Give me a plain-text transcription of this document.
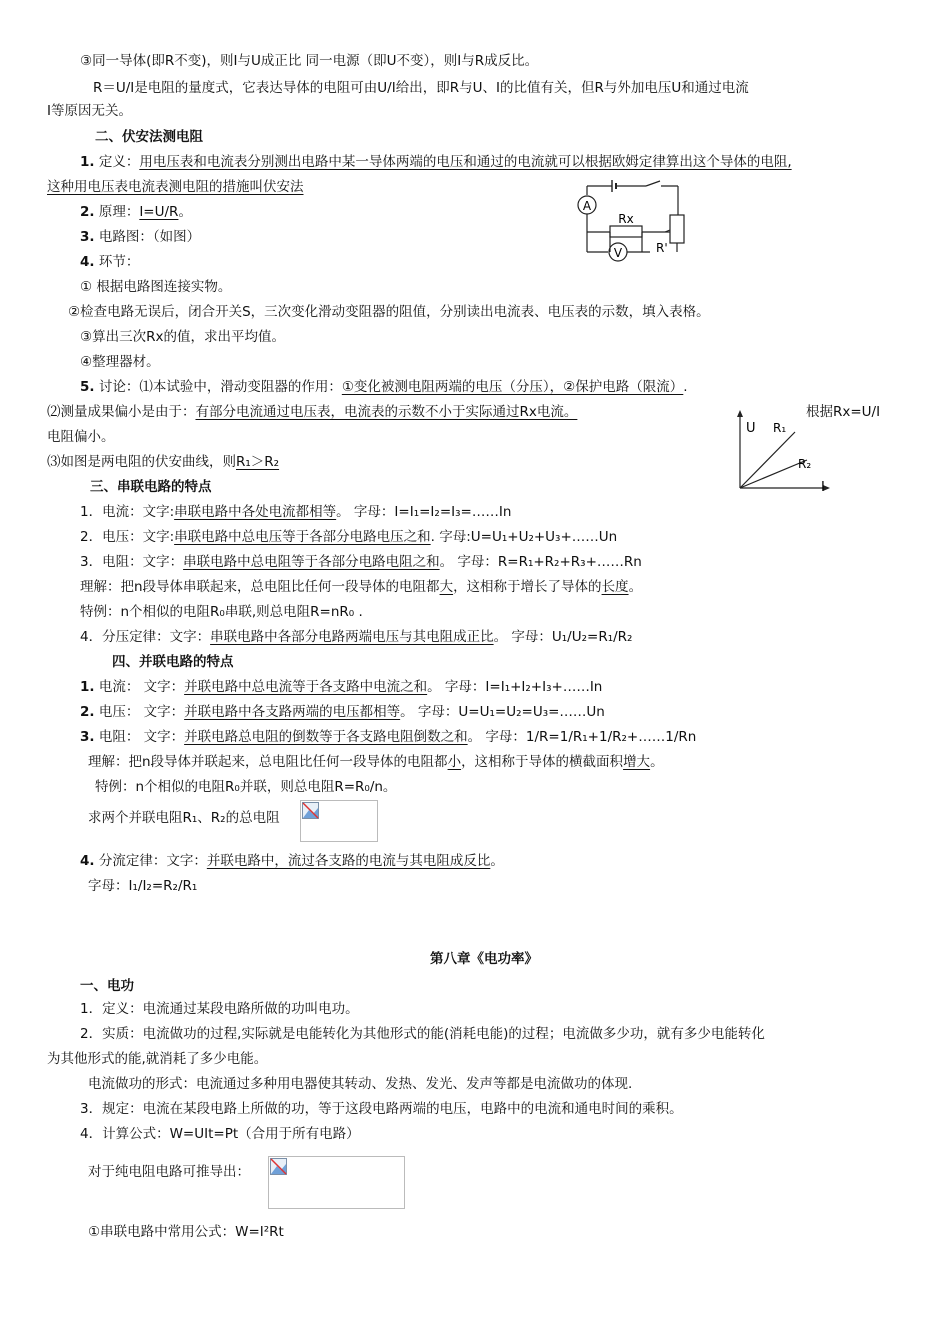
③同一导体(即R不变)，则I与U成正比 同一电源（即U不变），则I与R成反比。
R＝U/I是电阻的量度式，它表达导体的电阻可由U/I给出，即R与U、I的比值有关，但R与外加电压U和通过电流
I等原因无关。
二、伏安法测电阻
1. 定义：用电压表和电流表分别测出电路中某一导体两端的电压和通过的电流就可以根据欧姆定律算出这个导体的电阻,
这种用电压表电流表测电阻的措施叫伏安法
2. 原理：I=U/R。
3. 电路图：（如图）
4. 环节：
① 根据电路图连接实物。
②检查电路无误后，闭合开关S，三次变化滑动变阻器的阻值，分别读出电流表、电压表的示数，填入表格。
③算出三次Rx的值，求出平均值。
④整理器材。
5. 讨论：⑴本试验中，滑动变阻器的作用：①变化被测电阻两端的电压（分压），②保护电路（限流）.
⑵测量成果偏小是由于：有部分电流通过电压表，电流表的示数不小于实际通过Rx电流。	根据Rx=U/I
电阻偏小。
⑶如图是两电阻的伏安曲线，则R₁＞R₂
A
Rx
V	R'
U R₁
R₂
I
三、串联电路的特点
1．电流：文字:串联电路中各处电流都相等。 字母：I=I₁=I₂=I₃=……In
2．电压：文字:串联电路中总电压等于各部分电路电压之和. 字母:U=U₁+U₂+U₃+……Un
3．电阻：文字：串联电路中总电阻等于各部分电路电阻之和。 字母：R=R₁+R₂+R₃+……Rn
理解：把n段导体串联起来，总电阻比任何一段导体的电阻都大，这相称于增长了导体的长度。
特例：n个相似的电阻R₀串联,则总电阻R=nR₀ .
4．分压定律：文字：串联电路中各部分电路两端电压与其电阻成正比。 字母：U₁/U₂=R₁/R₂
四、并联电路的特点
1. 电流： 文字：并联电路中总电流等于各支路中电流之和。 字母：I=I₁+I₂+I₃+……In
2. 电压： 文字：并联电路中各支路两端的电压都相等。 字母：U=U₁=U₂=U₃=……Un
3. 电阻： 文字：并联电路总电阻的倒数等于各支路电阻倒数之和。 字母：1/R=1/R₁+1/R₂+……1/Rn
理解：把n段导体并联起来，总电阻比任何一段导体的电阻都小，这相称于导体的横截面积增大。
特例：n个相似的电阻R₀并联，则总电阻R=R₀/n。
求两个并联电阻R₁、R₂的总电阻
4. 分流定律：文字：并联电路中，流过各支路的电流与其电阻成反比。
字母：I₁/I₂=R₂/R₁
第八章《电功率》
一、电功
1．定义：电流通过某段电路所做的功叫电功。
2．实质：电流做功的过程,实际就是电能转化为其他形式的能(消耗电能)的过程；电流做多少功，就有多少电能转化
为其他形式的能,就消耗了多少电能。
电流做功的形式：电流通过多种用电器使其转动、发热、发光、发声等都是电流做功的体现.
3．规定：电流在某段电路上所做的功，等于这段电路两端的电压，电路中的电流和通电时间的乘积。
4．计算公式：W=UIt=Pt（合用于所有电路）
对于纯电阻电路可推导出：
①串联电路中常用公式：W=I²Rt
